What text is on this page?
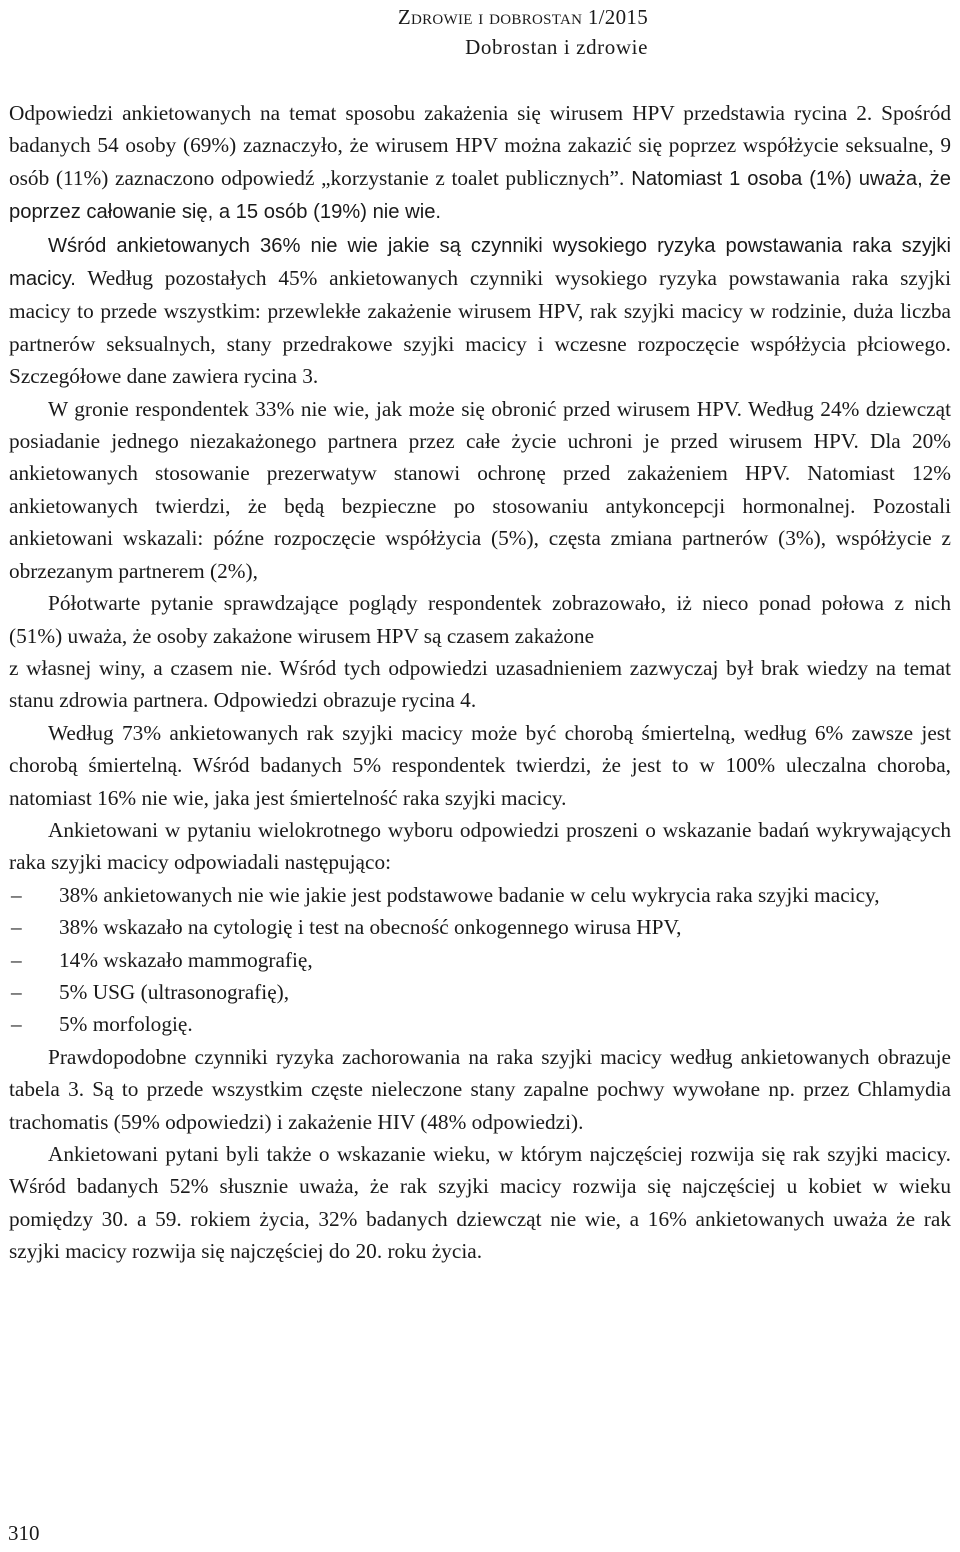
Zdrowie i dobrostan 1/2015
Dobrostan i zdrowie

Odpowiedzi ankietowanych na temat sposobu zakażenia się wirusem HPV przedstawia rycina 2. Spośród badanych 54 osoby (69%) zaznaczyło, że wirusem HPV można zakazić się poprzez współżycie seksualne, 9 osób (11%) zaznaczono odpowiedź „korzystanie z toalet publicznych”. Natomiast 1 osoba (1%) uważa, że poprzez całowanie się, a 15 osób (19%) nie wie.

Wśród ankietowanych 36% nie wie jakie są czynniki wysokiego ryzyka powstawania raka szyjki macicy. Według pozostałych 45% ankietowanych czynniki wysokiego ryzyka powstawania raka szyjki macicy to przede wszystkim: przewlekłe zakażenie wirusem HPV, rak szyjki macicy w rodzinie, duża liczba partnerów seksualnych, stany przedrakowe szyjki macicy i wczesne rozpoczęcie współżycia płciowego. Szczegółowe dane zawiera rycina 3.

W gronie respondentek 33% nie wie, jak może się obronić przed wirusem HPV. Według 24% dziewcząt posiadanie jednego niezakażonego partnera przez całe życie uchroni je przed wirusem HPV. Dla 20% ankietowanych stosowanie prezerwatyw stanowi ochronę przed zakażeniem HPV. Natomiast 12% ankietowanych twierdzi, że będą bezpieczne po stosowaniu antykoncepcji hormonalnej. Pozostali ankietowani wskazali: późne rozpoczęcie współżycia (5%), częsta zmiana partnerów (3%), współżycie z obrzezanym partnerem (2%),

Półotwarte pytanie sprawdzające poglądy respondentek zobrazowało, iż nieco ponad połowa z nich (51%) uważa, że osoby zakażone wirusem HPV są czasem zakażone

z własnej winy, a czasem nie. Wśród tych odpowiedzi uzasadnieniem zazwyczaj był brak wiedzy na temat stanu zdrowia partnera. Odpowiedzi obrazuje rycina 4.

Według 73% ankietowanych rak szyjki macicy może być chorobą śmiertelną, według 6% zawsze jest chorobą śmiertelną. Wśród badanych 5% respondentek twierdzi, że jest to w 100% uleczalna choroba, natomiast 16% nie wie, jaka jest śmiertelność raka szyjki macicy.

Ankietowani w pytaniu wielokrotnego wyboru odpowiedzi proszeni o wskazanie badań wykrywających raka szyjki macicy odpowiadali następująco:

– 38% ankietowanych nie wie jakie jest podstawowe badanie w celu wykrycia raka szyjki macicy,
– 38% wskazało na cytologię i test na obecność onkogennego wirusa HPV,
– 14% wskazało mammografię,
– 5% USG (ultrasonografię),
– 5% morfologię.

Prawdopodobne czynniki ryzyka zachorowania na raka szyjki macicy według ankietowanych obrazuje tabela 3. Są to przede wszystkim częste nieleczone stany zapalne pochwy wywołane np. przez Chlamydia trachomatis (59% odpowiedzi) i zakażenie HIV (48% odpowiedzi).

Ankietowani pytani byli także o wskazanie wieku, w którym najczęściej rozwija się rak szyjki macicy. Wśród badanych 52% słusznie uważa, że rak szyjki macicy rozwija się najczęściej u kobiet w wieku pomiędzy 30. a 59. rokiem życia, 32% badanych dziewcząt nie wie, a 16% ankietowanych uważa że rak szyjki macicy rozwija się najczęściej do 20. roku życia.

310
